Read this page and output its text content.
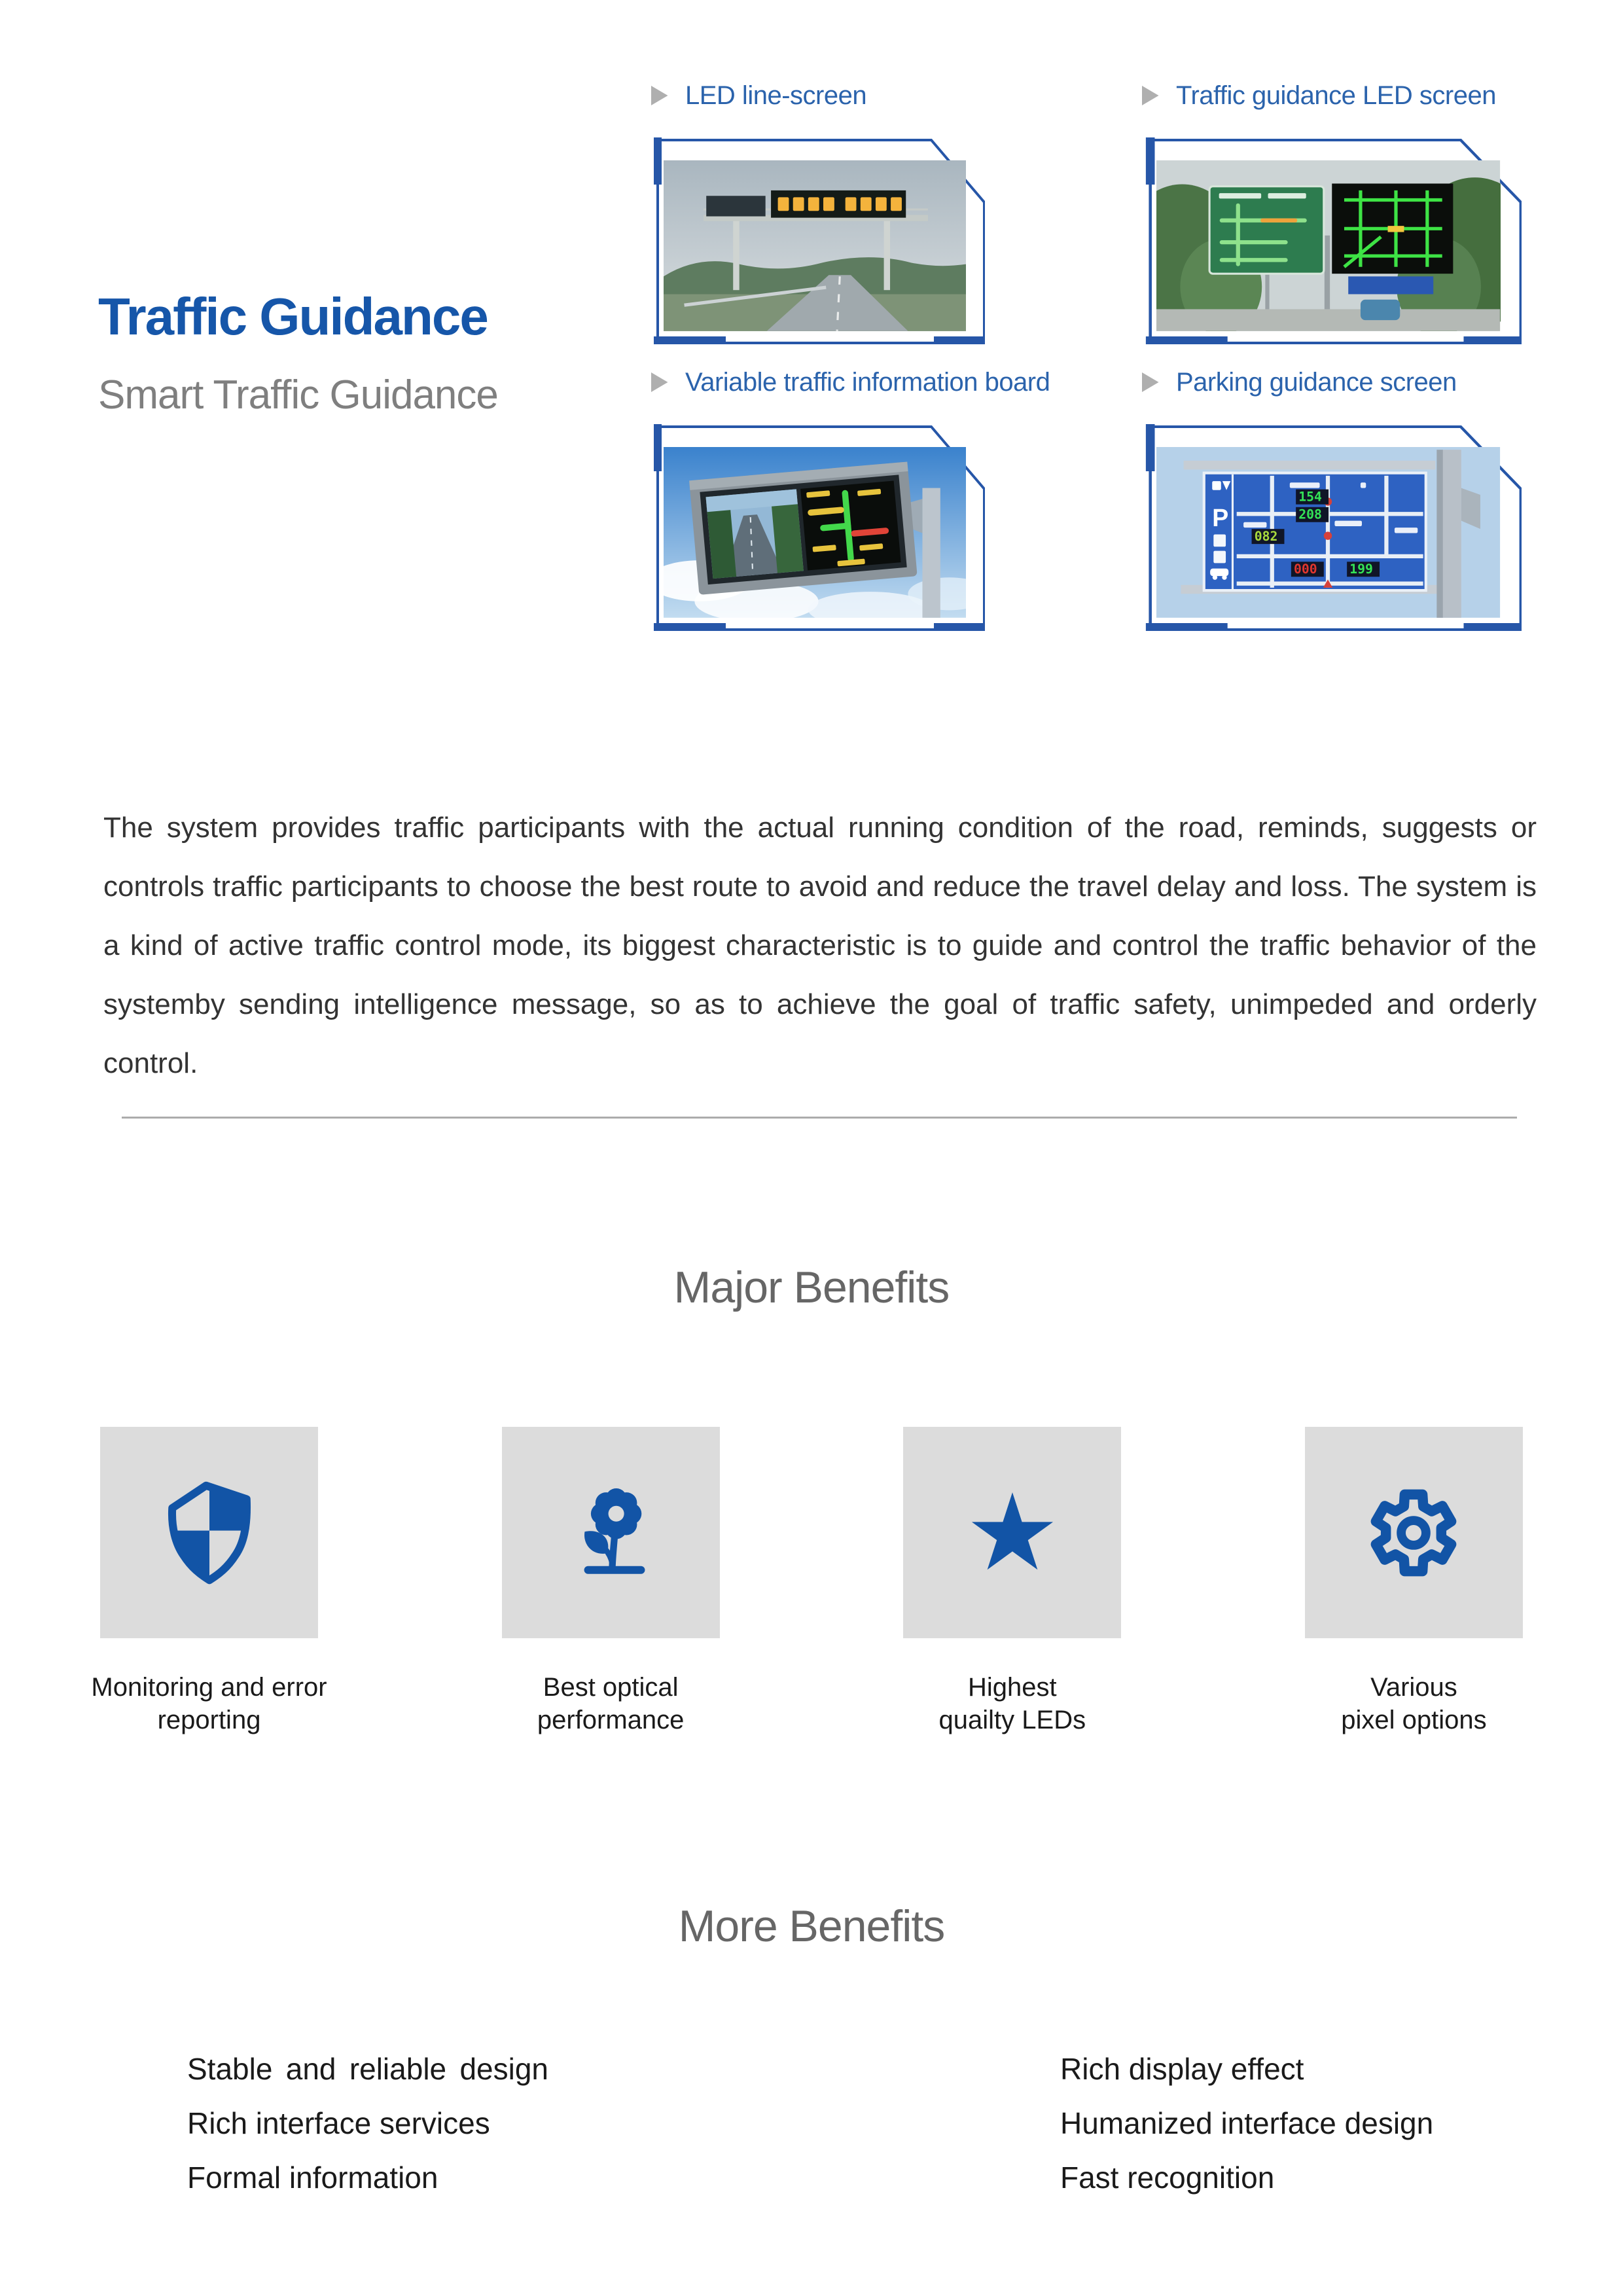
Traffic Guidance
Smart Traffic Guidance
LED line-screen	Traffic guidance LED screen
Variable traffic information board	Parking guidance screen
P
154
208
082
000	199

The system provides traffic participants with the actual running condition of the road, reminds, suggests or controls traffic participants to choose the best route to avoid and reduce the travel delay and loss. The system is a kind of active traffic control mode, its biggest characteristic is to guide and control the traffic behavior of the systemby sending intelligence message, so as to achieve the goal of traffic safety, unimpeded and orderly control.

Major Benefits
Monitoring and error
reporting
Best optical
performance
Highest
quailty LEDs
Various
pixel options
More Benefits
Stable and reliable design
Rich interface services
Formal information
Rich display effect
Humanized interface design
Fast recognition
